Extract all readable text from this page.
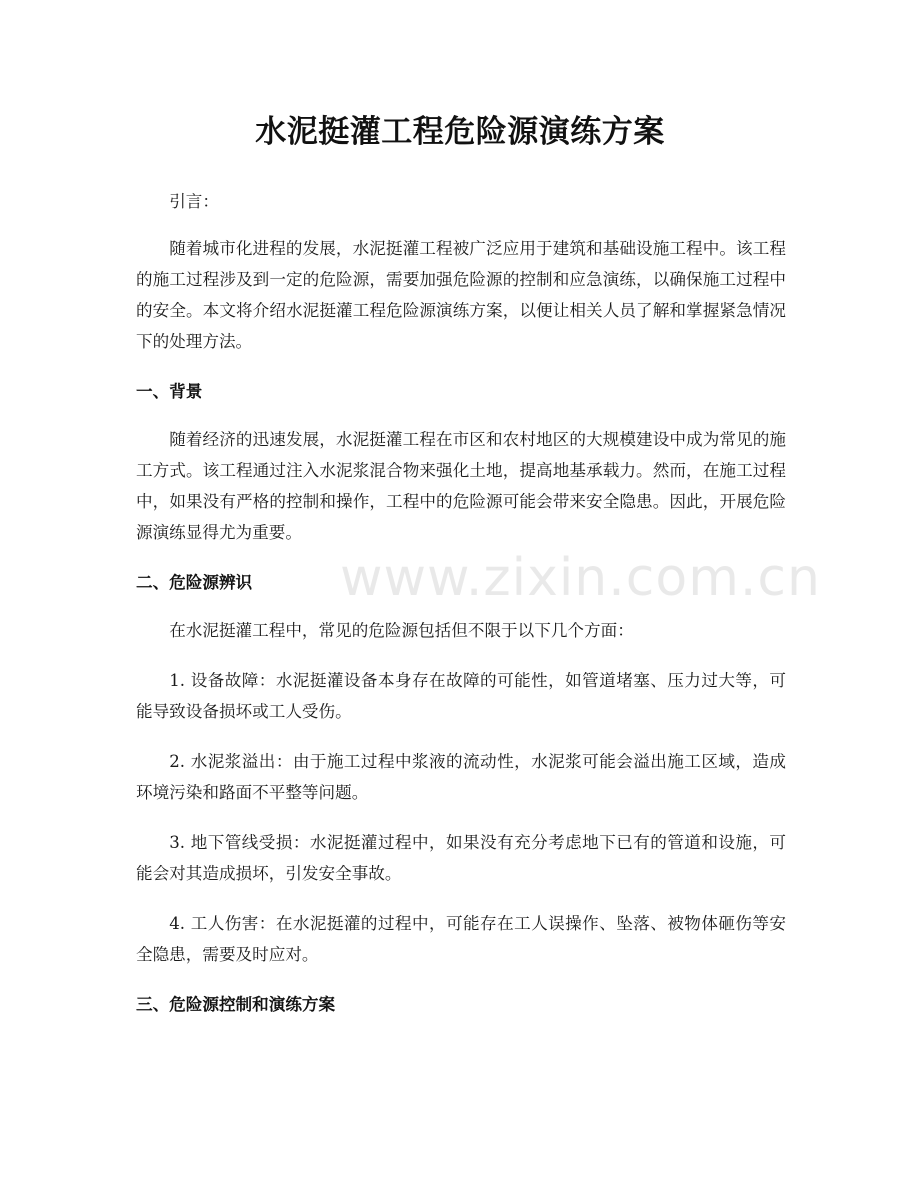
水泥挺灌工程危险源演练方案

引言：

随着城市化进程的发展，水泥挺灌工程被广泛应用于建筑和基础设施工程中。该工程的施工过程涉及到一定的危险源，需要加强危险源的控制和应急演练，以确保施工过程中的安全。本文将介绍水泥挺灌工程危险源演练方案，以便让相关人员了解和掌握紧急情况下的处理方法。

一、背景

随着经济的迅速发展，水泥挺灌工程在市区和农村地区的大规模建设中成为常见的施工方式。该工程通过注入水泥浆混合物来强化土地，提高地基承载力。然而，在施工过程中，如果没有严格的控制和操作，工程中的危险源可能会带来安全隐患。因此，开展危险源演练显得尤为重要。

二、危险源辨识

在水泥挺灌工程中，常见的危险源包括但不限于以下几个方面：

1. 设备故障：水泥挺灌设备本身存在故障的可能性，如管道堵塞、压力过大等，可能导致设备损坏或工人受伤。

2. 水泥浆溢出：由于施工过程中浆液的流动性，水泥浆可能会溢出施工区域，造成环境污染和路面不平整等问题。

3. 地下管线受损：水泥挺灌过程中，如果没有充分考虑地下已有的管道和设施，可能会对其造成损坏，引发安全事故。

4. 工人伤害：在水泥挺灌的过程中，可能存在工人误操作、坠落、被物体砸伤等安全隐患，需要及时应对。

三、危险源控制和演练方案
www.zixin.com.cn
